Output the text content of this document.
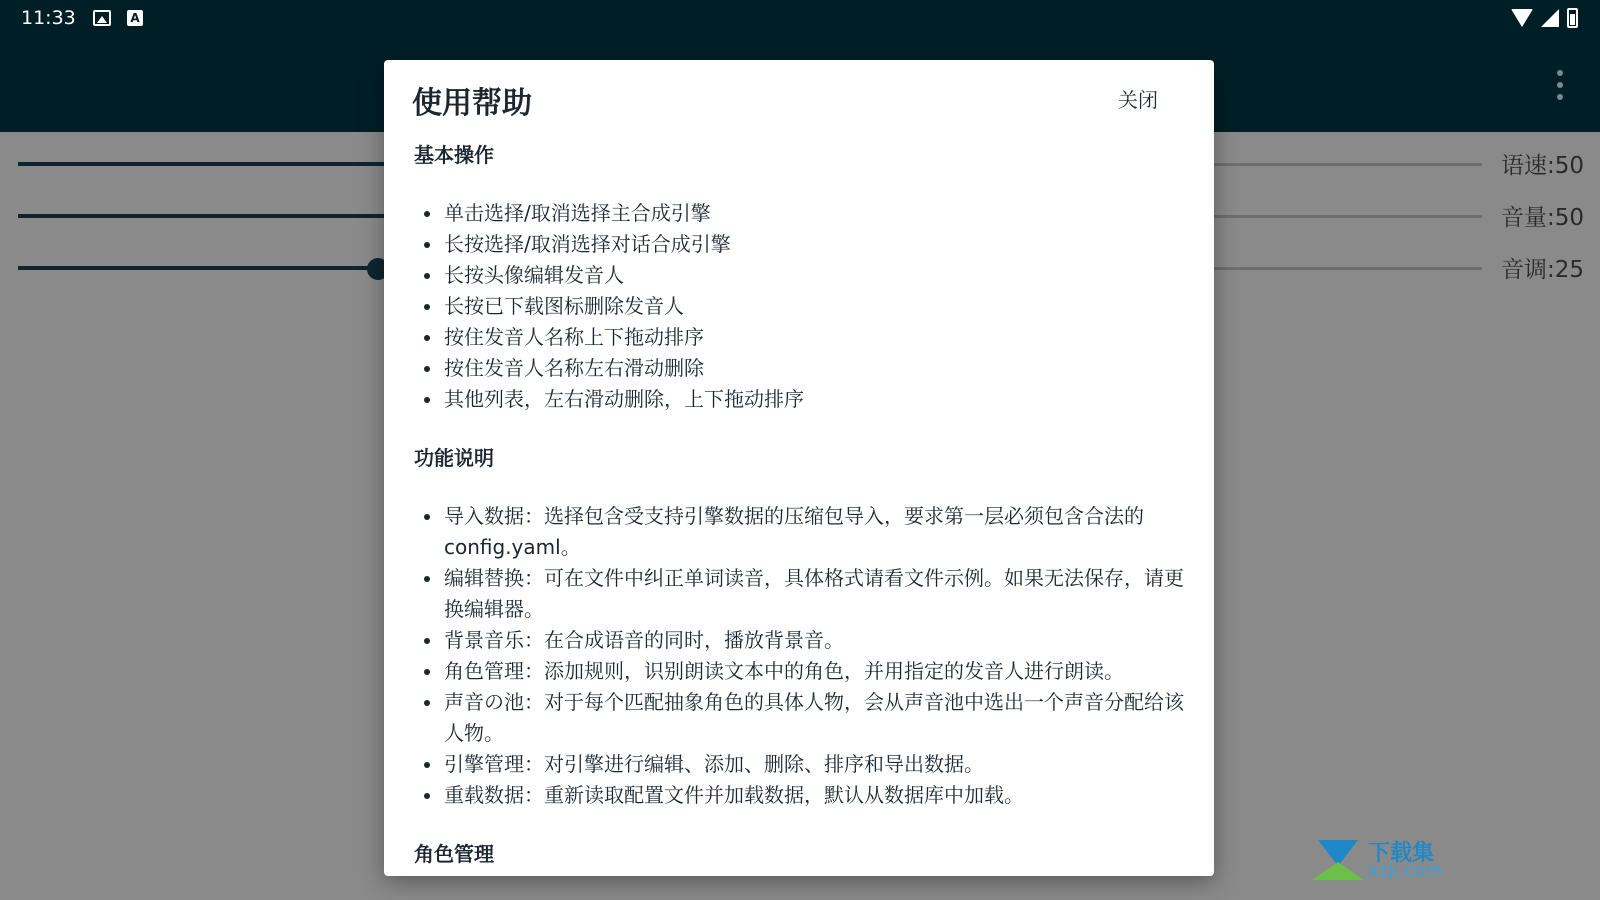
11:33	A
语速:50
音量:50
音调:25
使用帮助	关闭
基本操作
单击选择/取消选择主合成引擎
长按选择/取消选择对话合成引擎
长按头像编辑发音人
长按已下载图标删除发音人
按住发音人名称上下拖动排序
按住发音人名称左右滑动删除
其他列表，左右滑动删除，上下拖动排序
功能说明
导入数据：选择包含受支持引擎数据的压缩包导入，要求第一层必须包含合法的config.yaml。
编辑替换：可在文件中纠正单词读音，具体格式请看文件示例。如果无法保存，请更换编辑器。
背景音乐：在合成语音的同时，播放背景音。
角色管理：添加规则，识别朗读文本中的角色，并用指定的发音人进行朗读。
声音の池：对于每个匹配抽象角色的具体人物，会从声音池中选出一个声音分配给该人物。
引擎管理：对引擎进行编辑、添加、删除、排序和导出数据。
重载数据：重新读取配置文件并加载数据，默认从数据库中加载。
角色管理	下载集
xzji.com
